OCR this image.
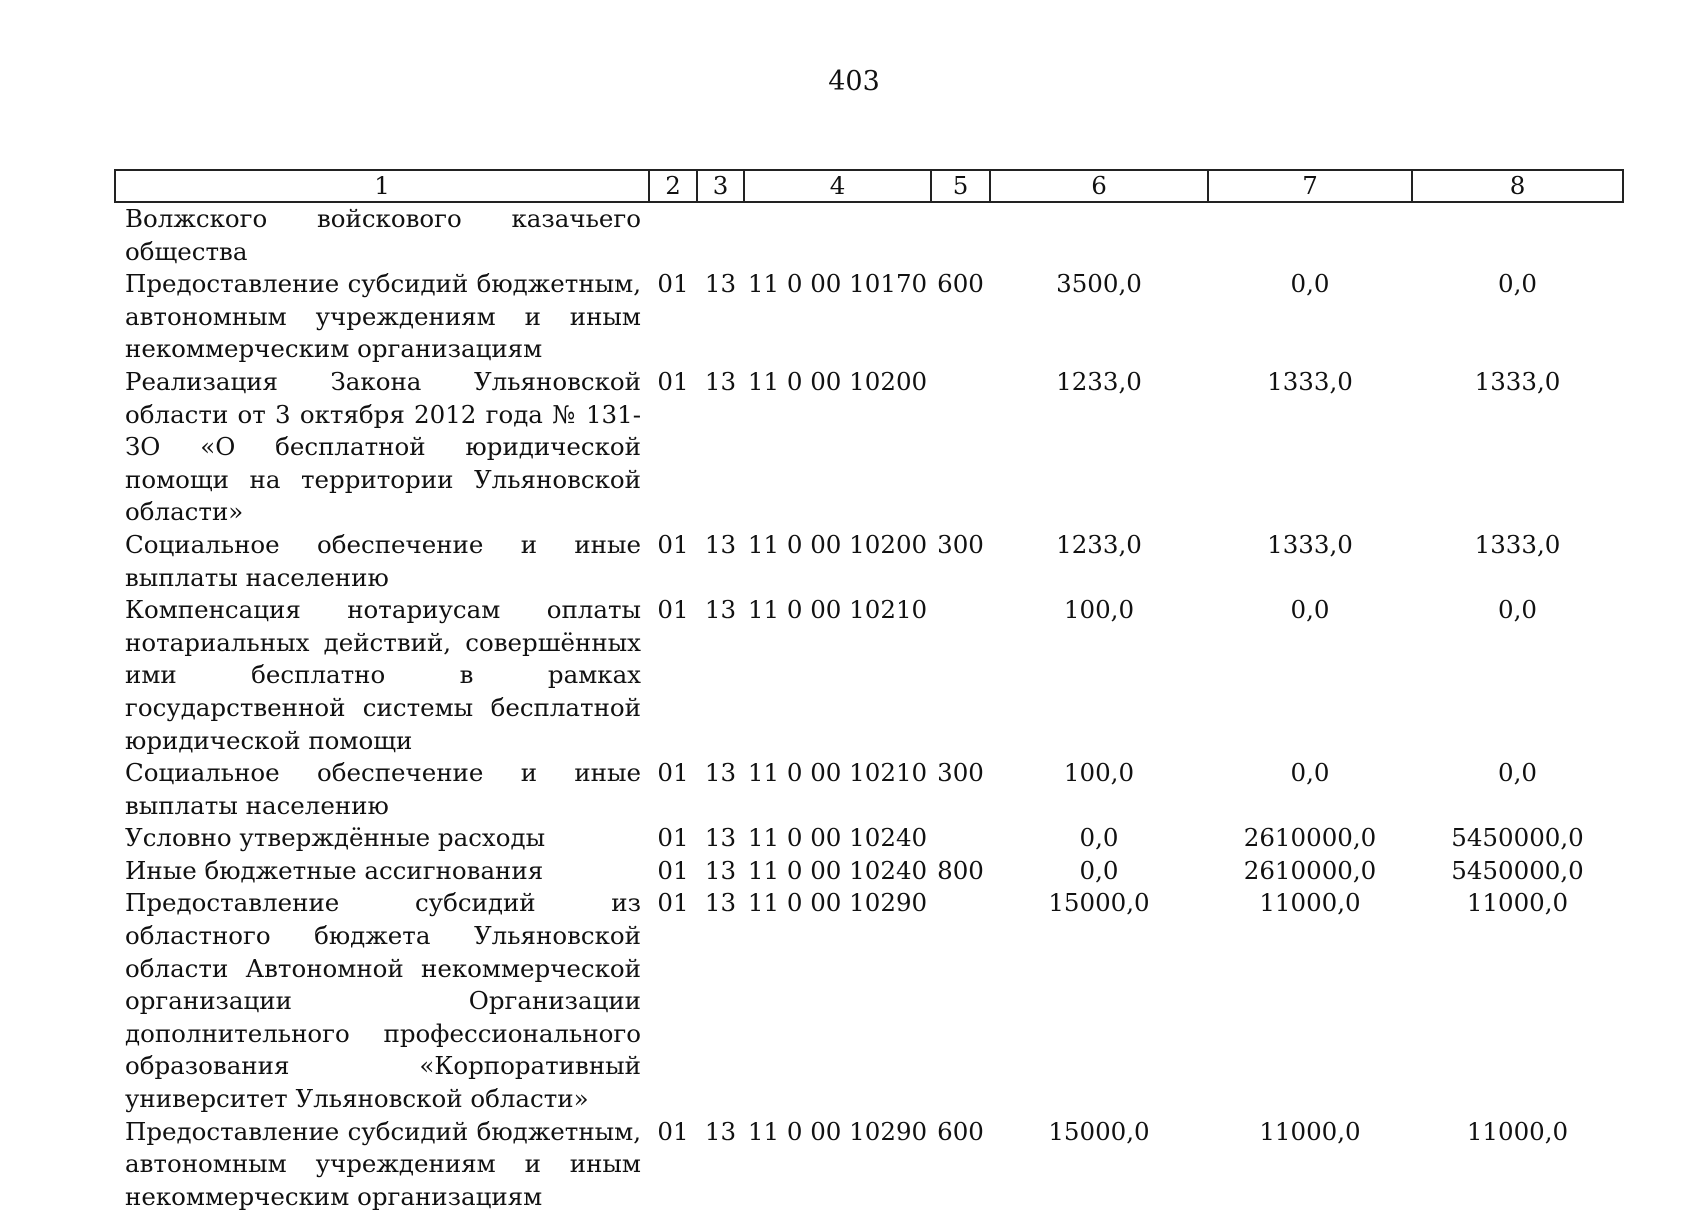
403
1	2	3	4	5	6	7	8
Волжского войскового казачьего общества							
Предоставление субсидий бюджетным, автономным учреждениям и иным некоммерческим организациям	01	13	11 0 00 10170	600	3500,0	0,0	0,0
Реализация Закона Ульяновской области от 3 октября 2012 года № 131-ЗО «О бесплатной юридической помощи на территории Ульяновской области»	01	13	11 0 00 10200		1233,0	1333,0	1333,0
Социальное обеспечение и иные выплаты населению	01	13	11 0 00 10200	300	1233,0	1333,0	1333,0
Компенсация нотариусам оплаты нотариальных действий, совершённых ими бесплатно в рамках государственной системы бесплатной юридической помощи	01	13	11 0 00 10210		100,0	0,0	0,0
Социальное обеспечение и иные выплаты населению	01	13	11 0 00 10210	300	100,0	0,0	0,0
Условно утверждённые расходы	01	13	11 0 00 10240		0,0	2610000,0	5450000,0
Иные бюджетные ассигнования	01	13	11 0 00 10240	800	0,0	2610000,0	5450000,0
Предоставление субсидий из областного бюджета Ульяновской области Автономной некоммерческой организации Организации дополнительного профессионального образования «Корпоративный университет Ульяновской области»	01	13	11 0 00 10290		15000,0	11000,0	11000,0
Предоставление субсидий бюджетным, автономным учреждениям и иным некоммерческим организациям	01	13	11 0 00 10290	600	15000,0	11000,0	11000,0
